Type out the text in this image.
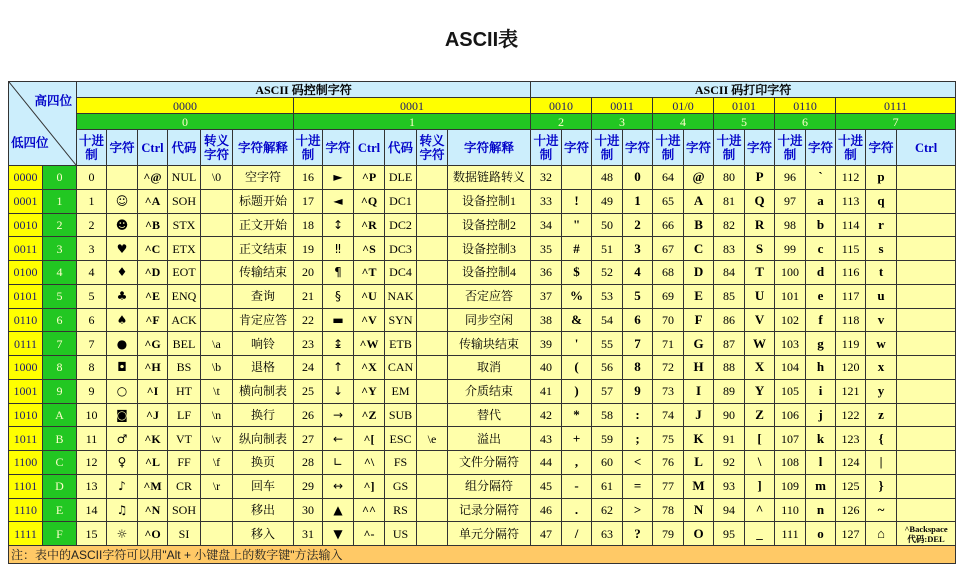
ASCII表
高四位
低四位		ASCII 码控制字符												ASCII 码打印字符												
		0000						0001						0010		0011		01/0		0101		0110		0111		
		0						1						2		3		4		5		6		7		
		十进制	字符	Ctrl	代码	转义字符	字符解释	十进制	字符	Ctrl	代码	转义字符	字符解释	十进制	字符	十进制	字符	十进制	字符	十进制	字符	十进制	字符	十进制	字符	Ctrl
0000	0	0		^@	NUL	\0	空字符	16	►	^P	DLE		数据链路转义	32		48	0	64	@	80	P	96	`	112	p	
0001	1	1	☺	^A	SOH		标题开始	17	◄	^Q	DC1		设备控制1	33	!	49	1	65	A	81	Q	97	a	113	q	
0010	2	2	☻	^B	STX		正文开始	18	↕	^R	DC2		设备控制2	34	"	50	2	66	B	82	R	98	b	114	r	
0011	3	3	♥	^C	ETX		正文结束	19	‼	^S	DC3		设备控制3	35	#	51	3	67	C	83	S	99	c	115	s	
0100	4	4	♦	^D	EOT		传输结束	20	¶	^T	DC4		设备控制4	36	$	52	4	68	D	84	T	100	d	116	t	
0101	5	5	♣	^E	ENQ		查询	21	§	^U	NAK		否定应答	37	%	53	5	69	E	85	U	101	e	117	u	
0110	6	6	♠	^F	ACK		肯定应答	22	▬	^V	SYN		同步空闲	38	&	54	6	70	F	86	V	102	f	118	v	
0111	7	7	●	^G	BEL	\a	响铃	23	↨	^W	ETB		传输块结束	39	'	55	7	71	G	87	W	103	g	119	w	
1000	8	8	◘	^H	BS	\b	退格	24	↑	^X	CAN		取消	40	(	56	8	72	H	88	X	104	h	120	x	
1001	9	9	○	^I	HT	\t	横向制表	25	↓	^Y	EM		介质结束	41	)	57	9	73	I	89	Y	105	i	121	y	
1010	A	10	◙	^J	LF	\n	换行	26	→	^Z	SUB		替代	42	*	58	:	74	J	90	Z	106	j	122	z	
1011	B	11	♂	^K	VT	\v	纵向制表	27	←	^[	ESC	\e	溢出	43	+	59	;	75	K	91	[	107	k	123	{	
1100	C	12	♀	^L	FF	\f	换页	28	∟	^\	FS		文件分隔符	44	,	60	<	76	L	92	\	108	l	124	|	
1101	D	13	♪	^M	CR	\r	回车	29	↔	^]	GS		组分隔符	45	-	61	=	77	M	93	]	109	m	125	}	
1110	E	14	♫	^N	SOH		移出	30	▲	^^	RS		记录分隔符	46	.	62	>	78	N	94	^	110	n	126	~	
1111	F	15	☼	^O	SI		移入	31	▼	^-	US		单元分隔符	47	/	63	?	79	O	95	_	111	o	127	⌂	^Backspace
代码:DEL

注：表中的ASCII字符可以用"Alt + 小键盘上的数字键"方法输入																										
